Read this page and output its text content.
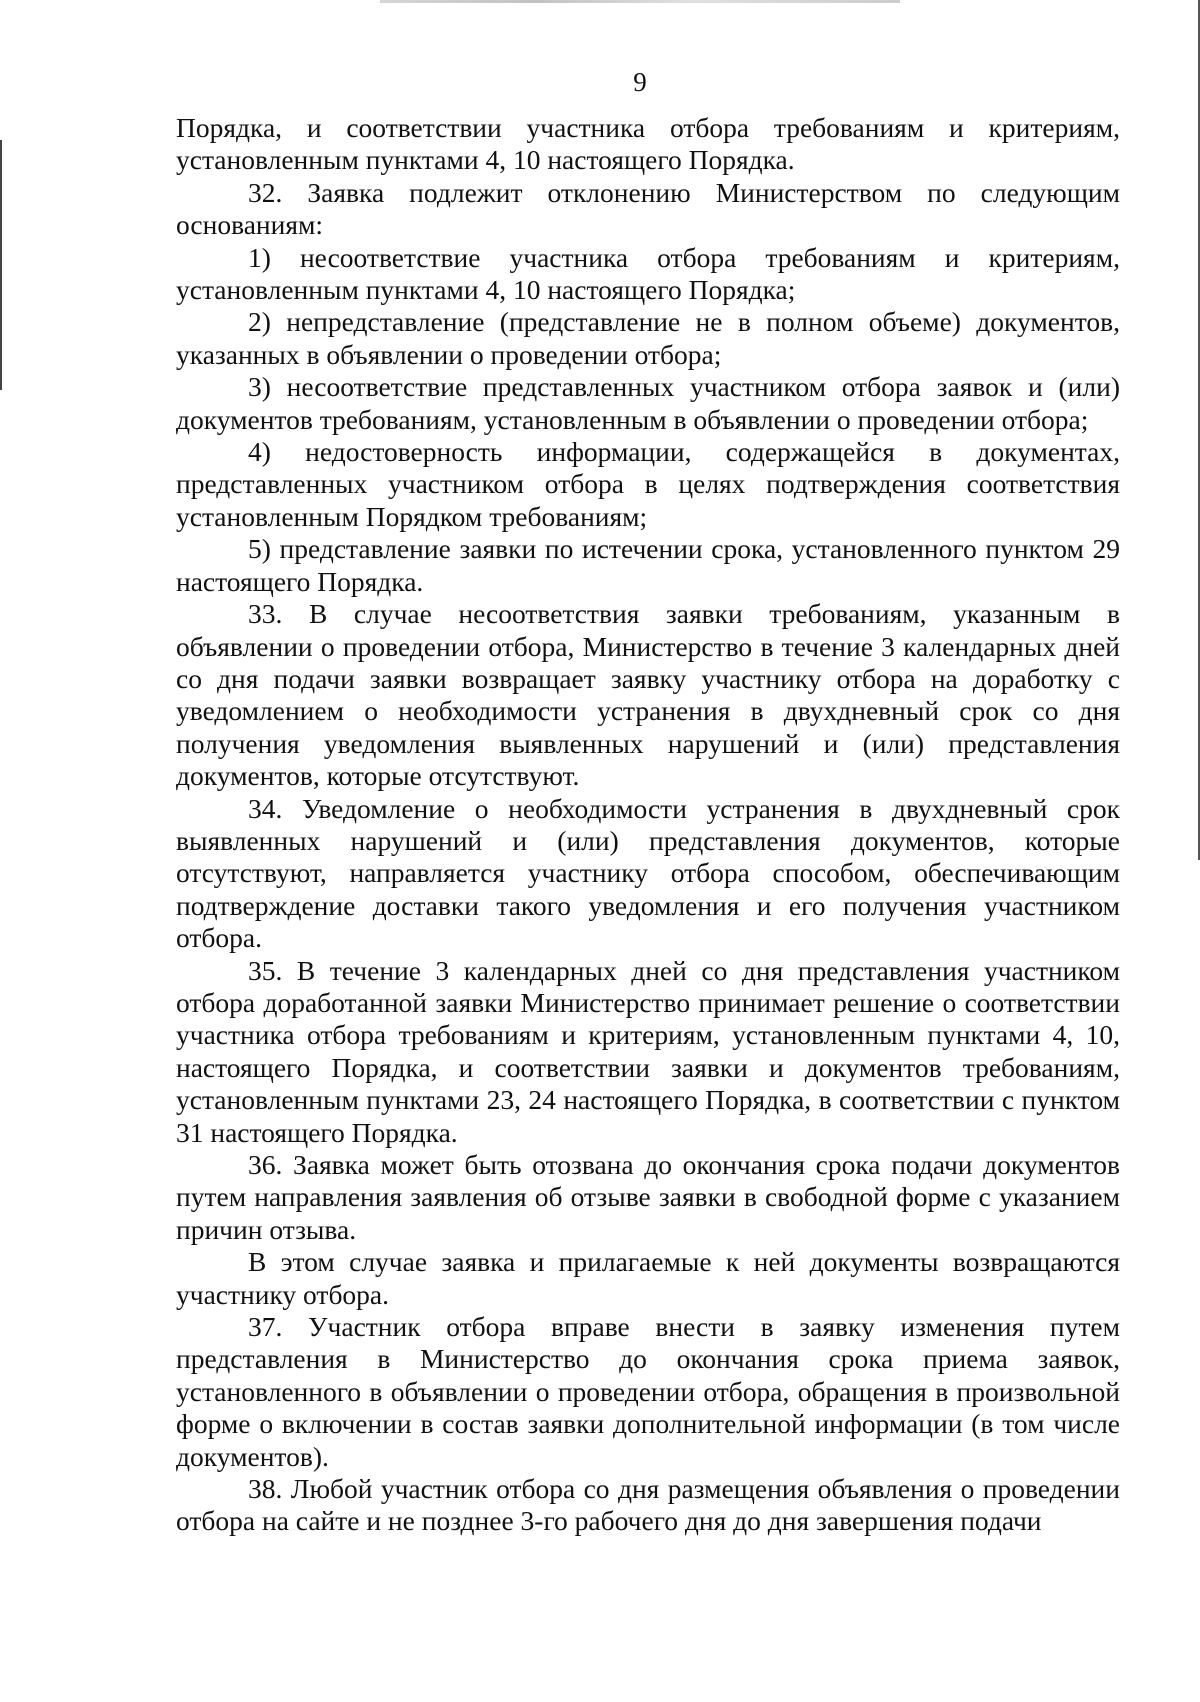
9

Порядка, и соответствии участника отбора требованиям и критериям, установленным пунктами 4, 10 настоящего Порядка.

32. Заявка подлежит отклонению Министерством по следующим основаниям:

1) несоответствие участника отбора требованиям и критериям, установленным пунктами 4, 10 настоящего Порядка;

2) непредставление (представление не в полном объеме) документов, указанных в объявлении о проведении отбора;

3) несоответствие представленных участником отбора заявок и (или) документов требованиям, установленным в объявлении о проведении отбора;

4) недостоверность информации, содержащейся в документах, представленных участником отбора в целях подтверждения соответствия установленным Порядком требованиям;

5) представление заявки по истечении срока, установленного пунктом 29 настоящего Порядка.

33. В случае несоответствия заявки требованиям, указанным в объявлении о проведении отбора, Министерство в течение 3 календарных дней со дня подачи заявки возвращает заявку участнику отбора на доработку с уведомлением о необходимости устранения в двухдневный срок со дня получения уведомления выявленных нарушений и (или) представления документов, которые отсутствуют.

34. Уведомление о необходимости устранения в двухдневный срок выявленных нарушений и (или) представления документов, которые отсутствуют, направляется участнику отбора способом, обеспечивающим подтверждение доставки такого уведомления и его получения участником отбора.

35. В течение 3 календарных дней со дня представления участником отбора доработанной заявки Министерство принимает решение о соответствии участника отбора требованиям и критериям, установленным пунктами 4, 10, настоящего Порядка, и соответствии заявки и документов требованиям, установленным пунктами 23, 24 настоящего Порядка, в соответствии с пунктом 31 настоящего Порядка.

36. Заявка может быть отозвана до окончания срока подачи документов путем направления заявления об отзыве заявки в свободной форме с указанием причин отзыва.

В этом случае заявка и прилагаемые к ней документы возвращаются участнику отбора.

37. Участник отбора вправе внести в заявку изменения путем представления в Министерство до окончания срока приема заявок, установленного в объявлении о проведении отбора, обращения в произвольной форме о включении в состав заявки дополнительной информации (в том числе документов).

38. Любой участник отбора со дня размещения объявления о проведении отбора на сайте и не позднее 3-го рабочего дня до дня завершения подачи
